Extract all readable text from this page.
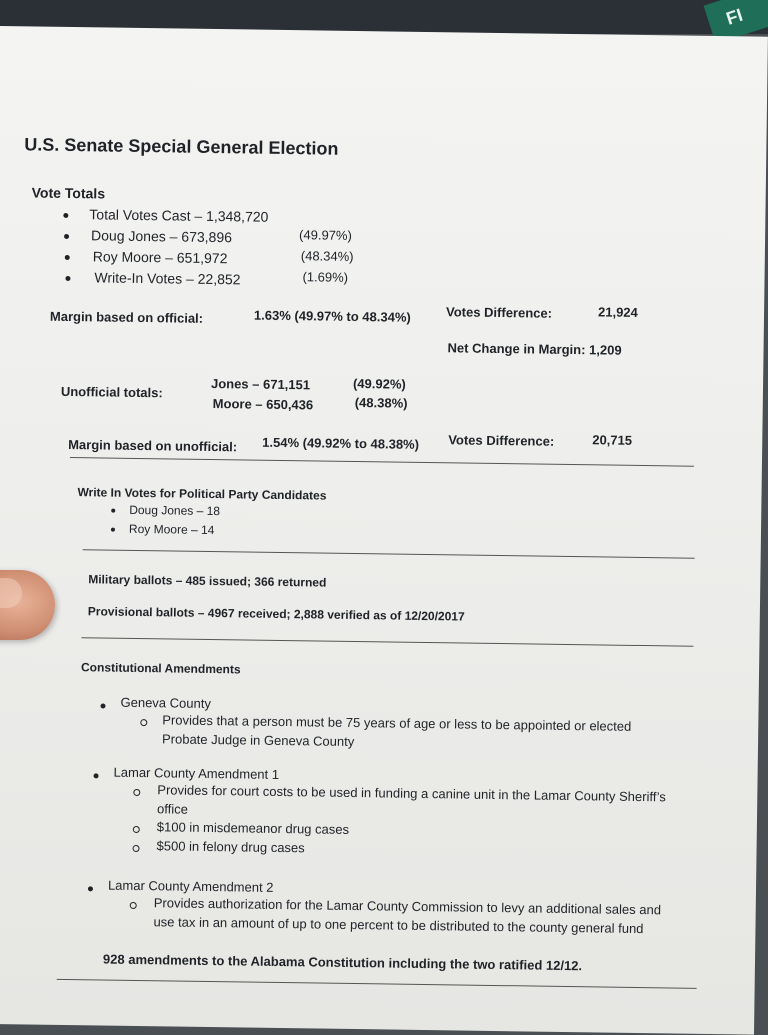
FI
U.S. Senate Special General Election
Vote Totals
Total Votes Cast – 1,348,720
Doug Jones – 673,896	(49.97%)
Roy Moore – 651,972	(48.34%)
Write-In Votes – 22,852	(1.69%)
Margin based on official:	1.63% (49.97% to 48.34%)	Votes Difference:	21,924
Net Change in Margin: 1,209
Unofficial totals:	Jones – 671,151	(49.92%)
Moore – 650,436	(48.38%)
Margin based on unofficial: 1.54% (49.92% to 48.38%) Votes Difference:	20,715
Write In Votes for Political Party Candidates
Doug Jones – 18
Roy Moore – 14
Military ballots – 485 issued; 366 returned
Provisional ballots – 4967 received; 2,888 verified as of 12/20/2017
Constitutional Amendments
Geneva County
Provides that a person must be 75 years of age or less to be appointed or elected
Probate Judge in Geneva County
Lamar County Amendment 1
Provides for court costs to be used in funding a canine unit in the Lamar County Sheriff’s
office
$100 in misdemeanor drug cases
$500 in felony drug cases
Lamar County Amendment 2
Provides authorization for the Lamar County Commission to levy an additional sales and
use tax in an amount of up to one percent to be distributed to the county general fund
928 amendments to the Alabama Constitution including the two ratified 12/12.
